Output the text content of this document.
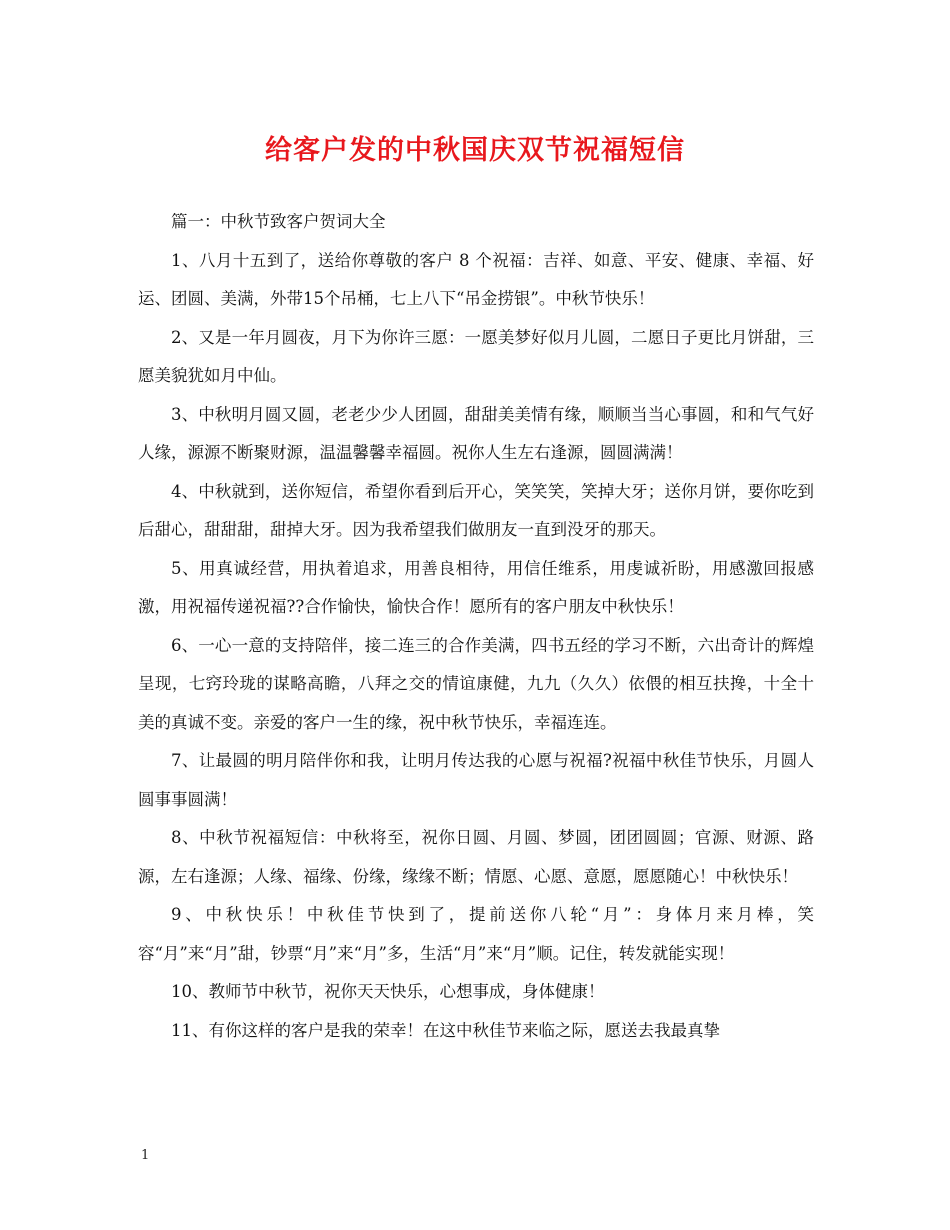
给客户发的中秋国庆双节祝福短信

篇一：中秋节致客户贺词大全

1、八月十五到了，送给你尊敬的客户 8 个祝福：吉祥、如意、平安、健康、幸福、好运、团圆、美满，外带15个吊桶，七上八下“吊金捞银”。中秋节快乐！

2、又是一年月圆夜，月下为你许三愿：一愿美梦好似月儿圆，二愿日子更比月饼甜，三愿美貌犹如月中仙。

3、中秋明月圆又圆，老老少少人团圆，甜甜美美情有缘，顺顺当当心事圆，和和气气好人缘，源源不断聚财源，温温馨馨幸福圆。祝你人生左右逢源，圆圆满满！

4、中秋就到，送你短信，希望你看到后开心，笑笑笑，笑掉大牙；送你月饼，要你吃到后甜心，甜甜甜，甜掉大牙。因为我希望我们做朋友一直到没牙的那天。

5、用真诚经营，用执着追求，用善良相待，用信任维系，用虔诚祈盼，用感激回报感激，用祝福传递祝福??合作愉快，愉快合作！愿所有的客户朋友中秋快乐！

6、一心一意的支持陪伴，接二连三的合作美满，四书五经的学习不断，六出奇计的辉煌呈现，七窍玲珑的谋略高瞻，八拜之交的情谊康健，九九（久久）依偎的相互扶搀，十全十美的真诚不变。亲爱的客户一生的缘，祝中秋节快乐，幸福连连。

7、让最圆的明月陪伴你和我，让明月传达我的心愿与祝福?祝福中秋佳节快乐，月圆人圆事事圆满！

8、中秋节祝福短信：中秋将至，祝你日圆、月圆、梦圆，团团圆圆；官源、财源、路源，左右逢源；人缘、福缘、份缘，缘缘不断；情愿、心愿、意愿，愿愿随心！中秋快乐！

9、中秋快乐！中秋佳节快到了，提前送你八轮“月”：身体月来月棒，笑容“月”来“月”甜，钞票“月”来“月”多，生活“月”来“月”顺。记住，转发就能实现！

10、教师节中秋节，祝你天天快乐，心想事成，身体健康！

11、有你这样的客户是我的荣幸！在这中秋佳节来临之际，愿送去我最真挚

1
